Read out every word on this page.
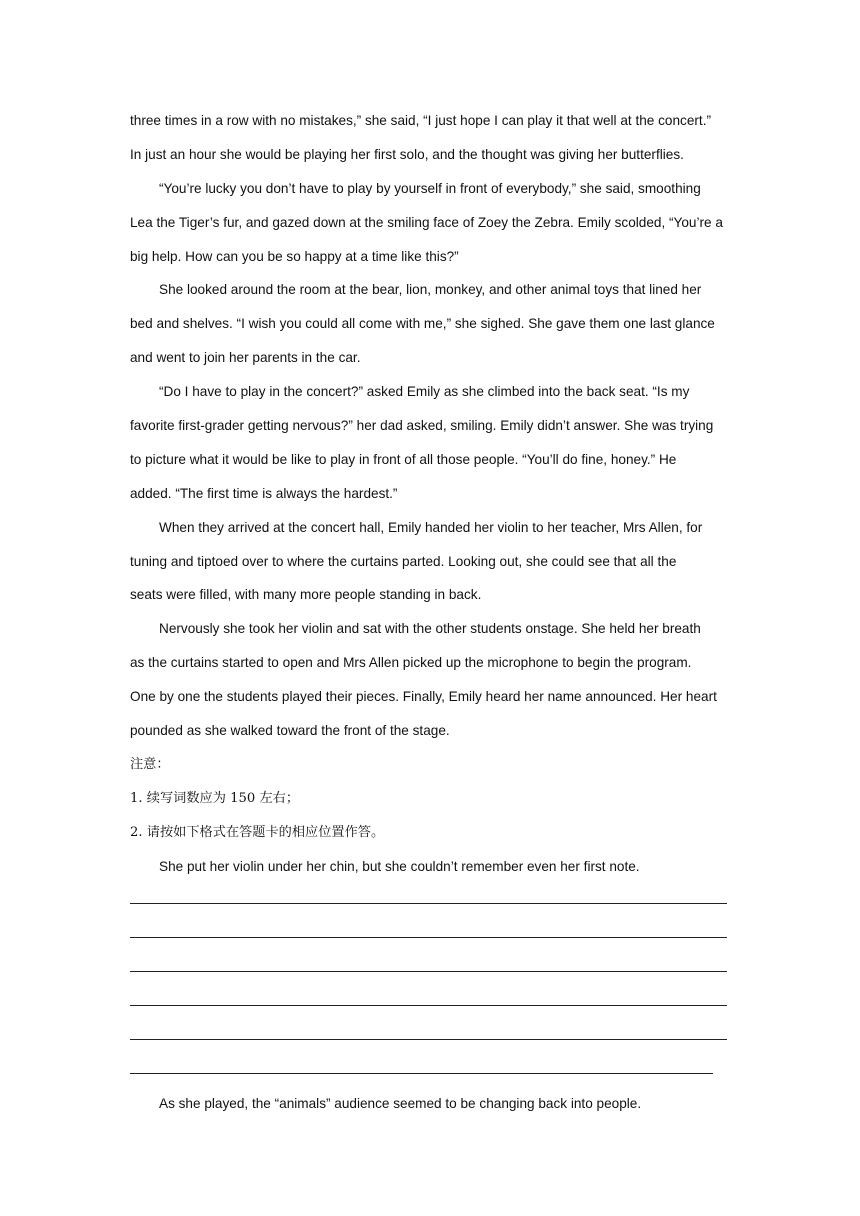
three times in a row with no mistakes,” she said, “I just hope I can play it that well at the concert.”
In just an hour she would be playing her first solo, and the thought was giving her butterflies.
“You’re lucky you don’t have to play by yourself in front of everybody,” she said, smoothing
Lea the Tiger’s fur, and gazed down at the smiling face of Zoey the Zebra. Emily scolded, “You’re a
big help. How can you be so happy at a time like this?”
She looked around the room at the bear, lion, monkey, and other animal toys that lined her
bed and shelves. “I wish you could all come with me,” she sighed. She gave them one last glance
and went to join her parents in the car.
“Do I have to play in the concert?” asked Emily as she climbed into the back seat. “Is my
favorite first-grader getting nervous?” her dad asked, smiling. Emily didn’t answer. She was trying
to picture what it would be like to play in front of all those people. “You’ll do fine, honey.” He
added. “The first time is always the hardest.”
When they arrived at the concert hall, Emily handed her violin to her teacher, Mrs Allen, for
tuning and tiptoed over to where the curtains parted. Looking out, she could see that all the
seats were filled, with many more people standing in back.
Nervously she took her violin and sat with the other students onstage. She held her breath
as the curtains started to open and Mrs Allen picked up the microphone to begin the program.
One by one the students played their pieces. Finally, Emily heard her name announced. Her heart
pounded as she walked toward the front of the stage.
注意：
1. 续写词数应为 150 左右；
2. 请按如下格式在答题卡的相应位置作答。
She put her violin under her chin, but she couldn’t remember even her first note.
As she played, the “animals” audience seemed to be changing back into people.
